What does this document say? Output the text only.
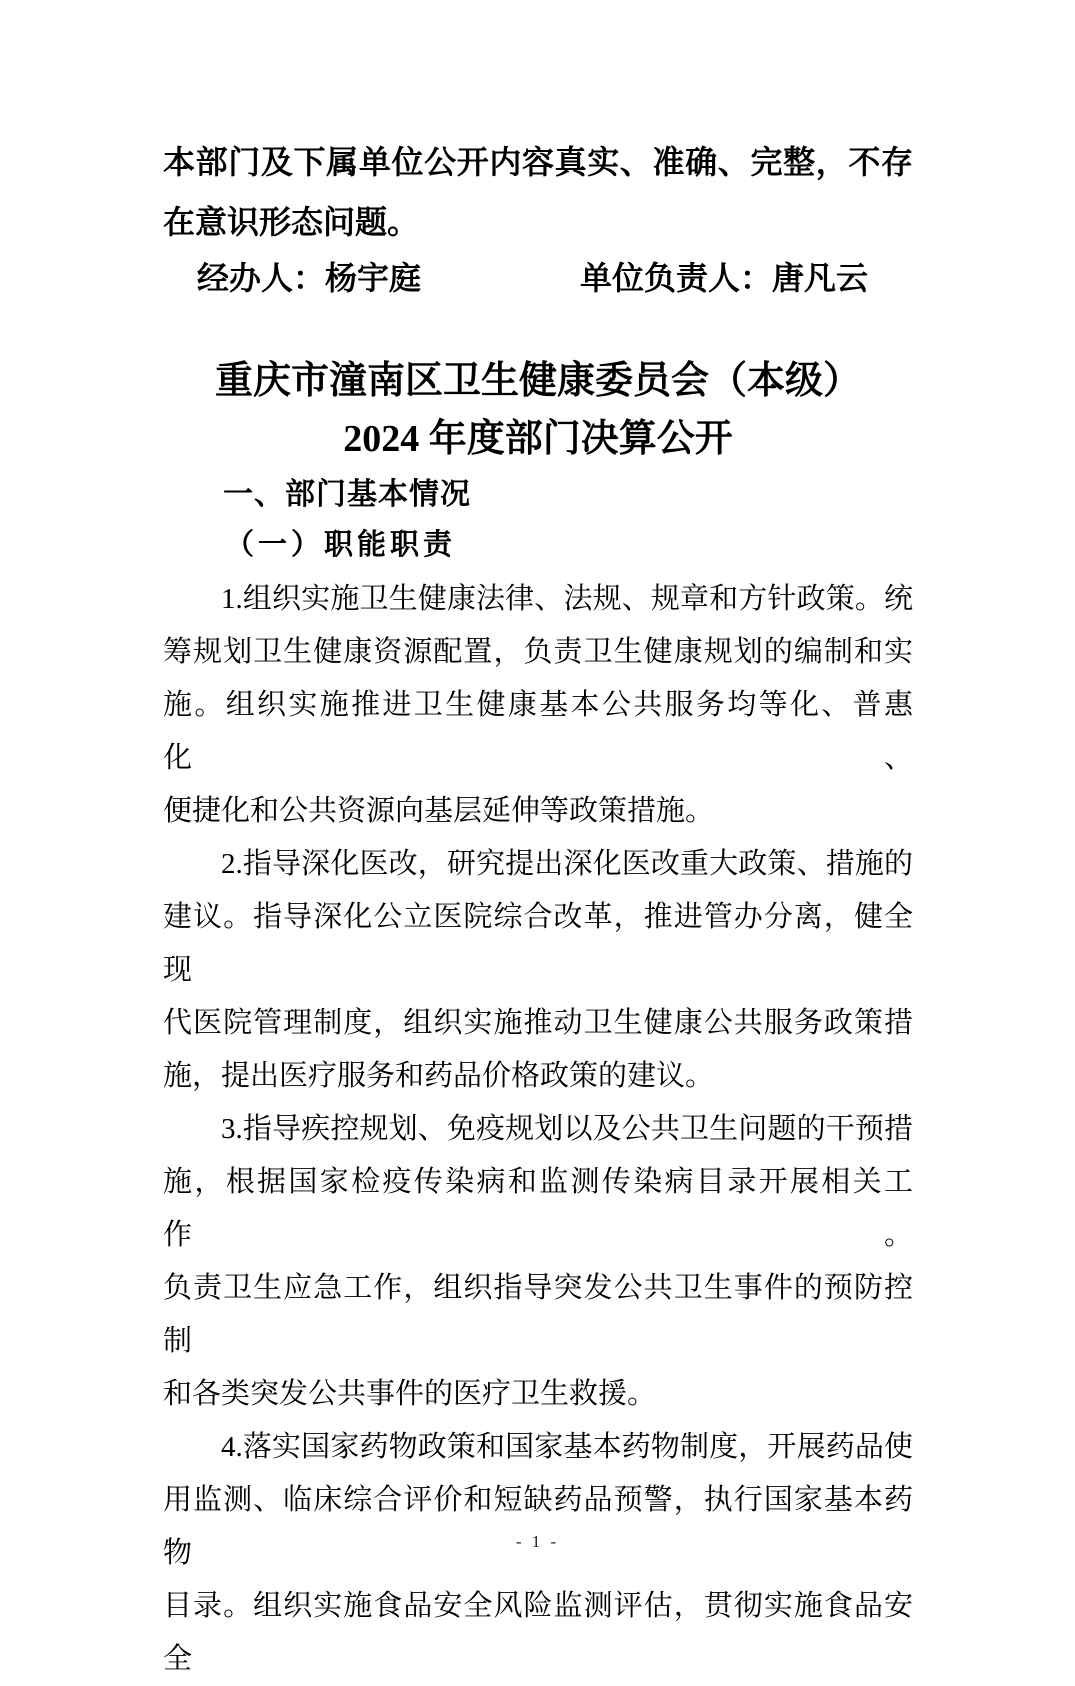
本部门及下属单位公开内容真实、准确、完整，不存
在意识形态问题。
经办人：杨宇庭	单位负责人：唐凡云
重庆市潼南区卫生健康委员会（本级）
2024 年度部门决算公开
一、部门基本情况
（一）职能职责
1.组织实施卫生健康法律、法规、规章和方针政策。统
筹规划卫生健康资源配置，负责卫生健康规划的编制和实
施。组织实施推进卫生健康基本公共服务均等化、普惠化、
便捷化和公共资源向基层延伸等政策措施。
2.指导深化医改，研究提出深化医改重大政策、措施的
建议。指导深化公立医院综合改革，推进管办分离，健全现
代医院管理制度，组织实施推动卫生健康公共服务政策措
施，提出医疗服务和药品价格政策的建议。
3.指导疾控规划、免疫规划以及公共卫生问题的干预措
施，根据国家检疫传染病和监测传染病目录开展相关工作。
负责卫生应急工作，组织指导突发公共卫生事件的预防控制
和各类突发公共事件的医疗卫生救援。
4.落实国家药物政策和国家基本药物制度，开展药品使
用监测、临床综合评价和短缺药品预警，执行国家基本药物
目录。组织实施食品安全风险监测评估，贯彻实施食品安全
- 1 -
